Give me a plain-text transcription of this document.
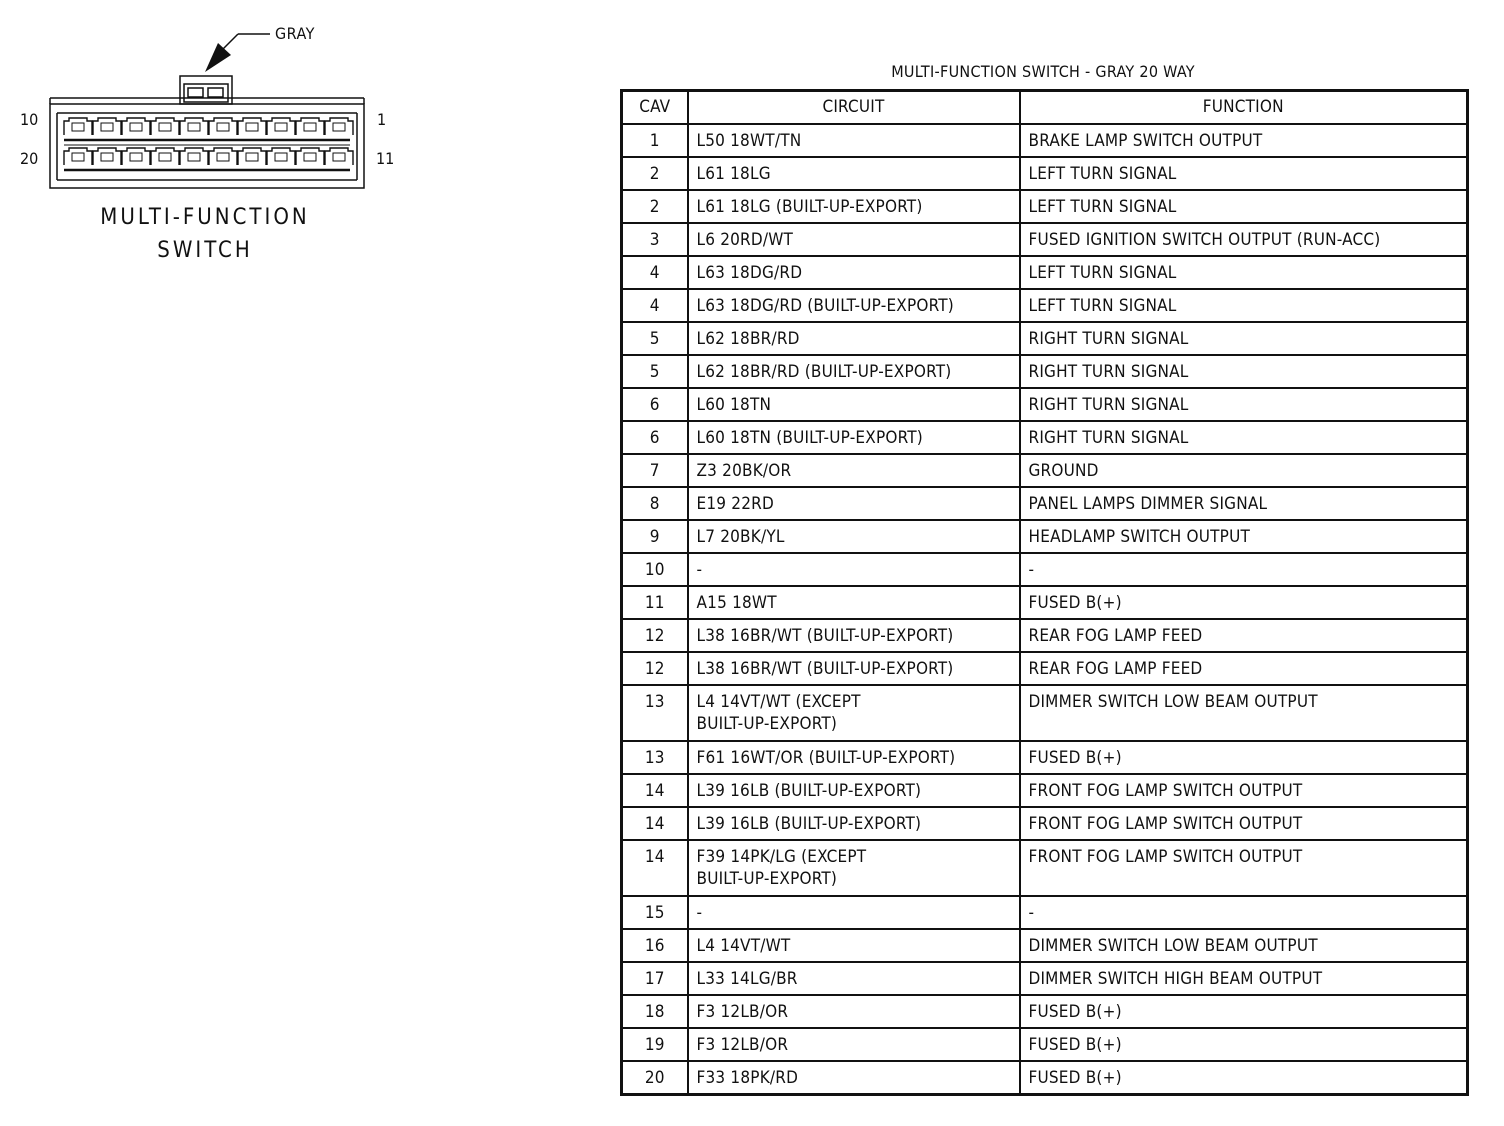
GRAY
10	1
20	11
MULTI-FUNCTION
SWITCH
MULTI-FUNCTION SWITCH - GRAY 20 WAY
CAV	CIRCUIT	FUNCTION
1	L50 18WT/TN	BRAKE LAMP SWITCH OUTPUT
2	L61 18LG	LEFT TURN SIGNAL
2	L61 18LG (BUILT-UP-EXPORT)	LEFT TURN SIGNAL
3	L6 20RD/WT	FUSED IGNITION SWITCH OUTPUT (RUN-ACC)
4	L63 18DG/RD	LEFT TURN SIGNAL
4	L63 18DG/RD (BUILT-UP-EXPORT)	LEFT TURN SIGNAL
5	L62 18BR/RD	RIGHT TURN SIGNAL
5	L62 18BR/RD (BUILT-UP-EXPORT)	RIGHT TURN SIGNAL
6	L60 18TN	RIGHT TURN SIGNAL
6	L60 18TN (BUILT-UP-EXPORT)	RIGHT TURN SIGNAL
7	Z3 20BK/OR	GROUND
8	E19 22RD	PANEL LAMPS DIMMER SIGNAL
9	L7 20BK/YL	HEADLAMP SWITCH OUTPUT
10	-	-
11	A15 18WT	FUSED B(+)
12	L38 16BR/WT (BUILT-UP-EXPORT)	REAR FOG LAMP FEED
12	L38 16BR/WT (BUILT-UP-EXPORT)	REAR FOG LAMP FEED
13	L4 14VT/WT (EXCEPT
BUILT-UP-EXPORT)	DIMMER SWITCH LOW BEAM OUTPUT
13	F61 16WT/OR (BUILT-UP-EXPORT)	FUSED B(+)
14	L39 16LB (BUILT-UP-EXPORT)	FRONT FOG LAMP SWITCH OUTPUT
14	L39 16LB (BUILT-UP-EXPORT)	FRONT FOG LAMP SWITCH OUTPUT
14	F39 14PK/LG (EXCEPT
BUILT-UP-EXPORT)	FRONT FOG LAMP SWITCH OUTPUT
15	-	-
16	L4 14VT/WT	DIMMER SWITCH LOW BEAM OUTPUT
17	L33 14LG/BR	DIMMER SWITCH HIGH BEAM OUTPUT
18	F3 12LB/OR	FUSED B(+)
19	F3 12LB/OR	FUSED B(+)
20	F33 18PK/RD	FUSED B(+)
